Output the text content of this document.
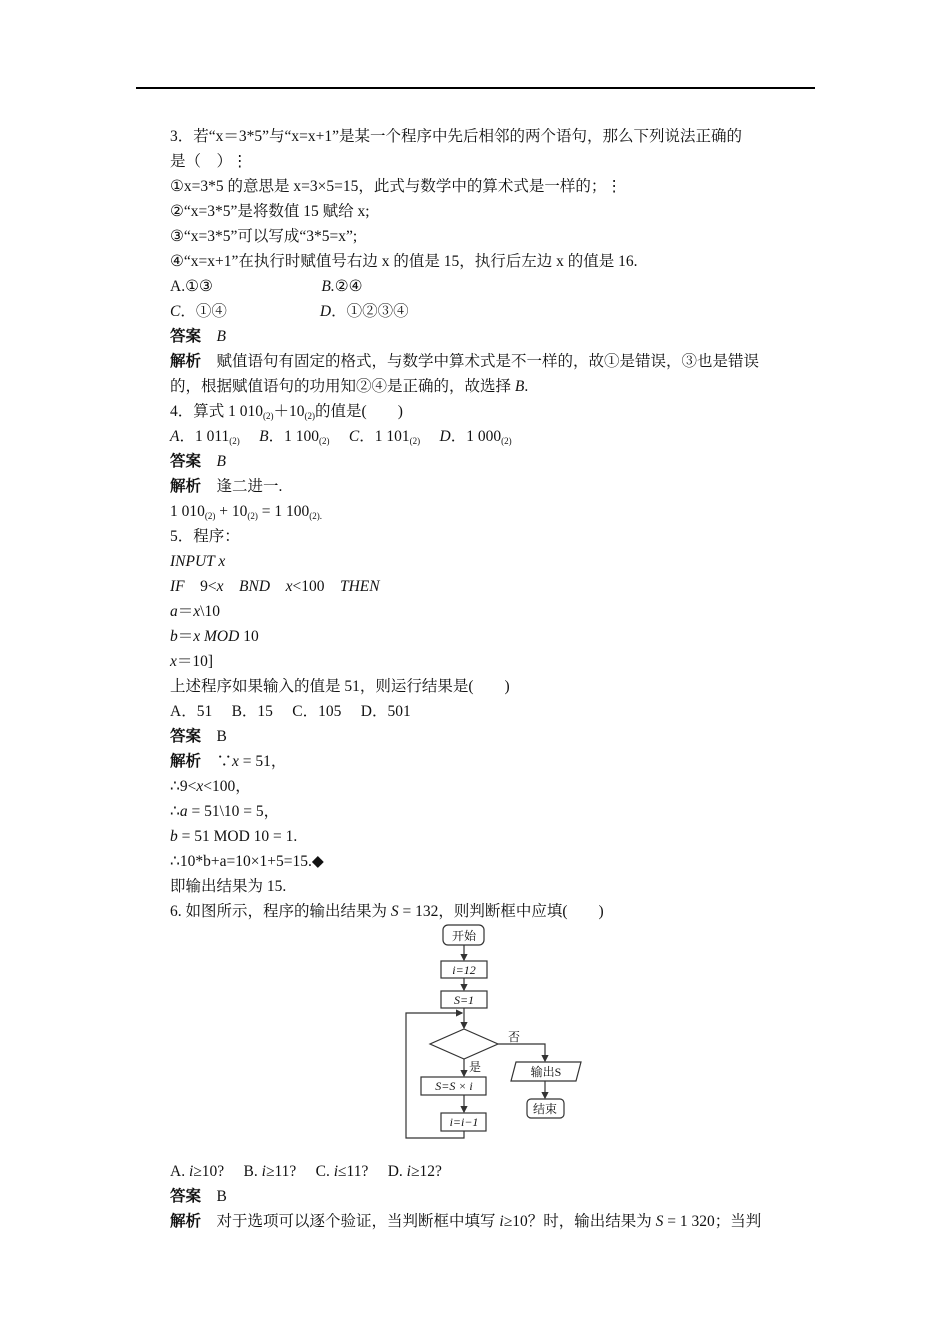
3．若“x＝3*5”与“x=x+1”是某一个程序中先后相邻的两个语句，那么下列说法正确的
是（　）⋮
①x=3*5 的意思是 x=3×5=15，此式与数学中的算术式是一样的；⋮
②“x=3*5”是将数值 15 赋给 x;
③“x=3*5”可以写成“3*5=x”;
④“x=x+1”在执行时赋值号右边 x 的值是 15，执行后左边 x 的值是 16.
A.①③	B.②④
C．①④	D．①②③④
答案　 B
解析　赋值语句有固定的格式，与数学中算术式是不一样的，故①是错误，③也是错误
的，根据赋值语句的功用知②④是正确的，故选择 B.
4．算式 1 $010_{(2)}+10_{(2)}$的值是(　　)
A．1 $011_{(2)}$　 B．1 $100_{(2)}$　 C．1 $101_{(2)}$　 D．1 $000_{(2)}$
答案　 B
解析　逢二进一.
1 $010_{(2)} + 10_{(2)} = 1$ $100_{(2).}$
5．程序：
INPUT x
IF　9<x　 BND　 x<100　THEN
a＝x\10
b＝x MOD 10
x＝10]
上述程序如果输入的值是 51，则运行结果是(　　)
A．51　 B．15　 C．105　 D．501
答案　B
解析　∵x = 51，
∴9<x<100，
∴a = 51\10 = 5，
b = 51 MOD 10 = 1.
∴10*b+a=10×1+5=15.◆
即输出结果为 15.
6. 如图所示，程序的输出结果为 S = 132，则判断框中应填(　　)
A. i≥10?　 B. i≥11?　 C. i≤11?　 D. i≥12?
答案　B
解析　对于选项可以逐个验证，当判断框中填写 i≥10？时，输出结果为 S = 1 320；当判
开始
i=12
S=1
否
是
S=S × i
i=i−1
输出S
结束
